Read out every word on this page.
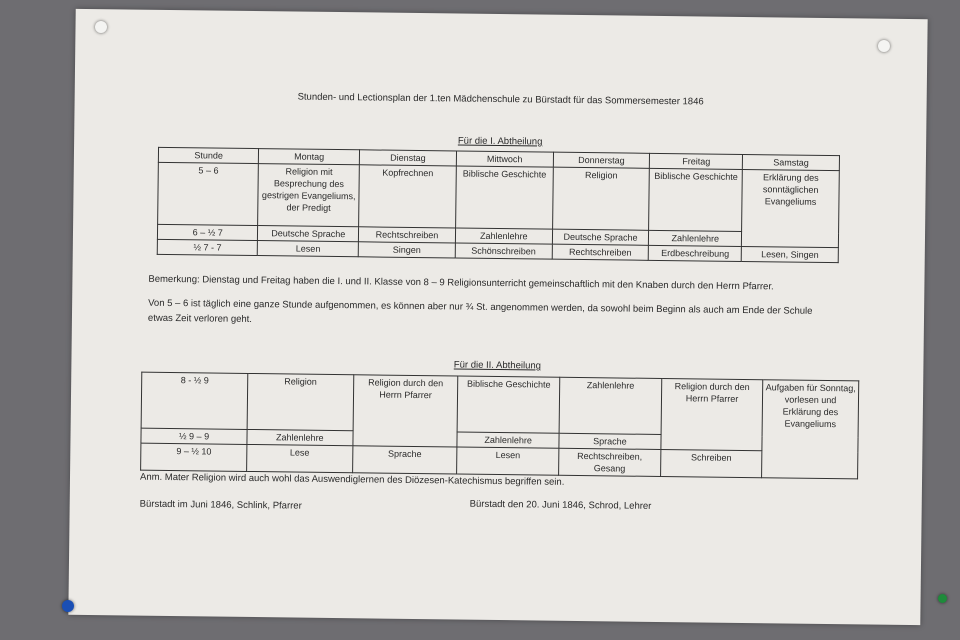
Stunden- und Lectionsplan der 1.ten Mädchenschule zu Bürstadt für das Sommersemester 1846
Für die I. Abtheilung
Stunde	Montag	Dienstag	Mittwoch	Donnerstag	Freitag	Samstag
5 – 6	Religion mit Besprechung des gestrigen Evangeliums, der Predigt	Kopfrechnen	Biblische Geschichte	Religion	Biblische Geschichte	Erklärung des sonntäglichen Evangeliums
6 – ½ 7	Deutsche Sprache	Rechtschreiben	Zahlenlehre	Deutsche Sprache	Zahlenlehre	
½ 7 - 7	Lesen	Singen	Schönschreiben	Rechtschreiben	Erdbeschreibung	Lesen, Singen
Bemerkung: Dienstag und Freitag haben die I. und II. Klasse von 8 – 9 Religionsunterricht gemeinschaftlich mit den Knaben durch den Herrn Pfarrer.
Von 5 – 6 ist täglich eine ganze Stunde aufgenommen, es können aber nur ¾ St. angenommen werden, da sowohl beim Beginn als auch am Ende der Schule etwas Zeit verloren geht.
Für die II. Abtheilung
8 - ½ 9	Religion	Religion durch den Herrn Pfarrer	Biblische Geschichte	Zahlenlehre	Religion durch den Herrn Pfarrer	Aufgaben für Sonntag, vorlesen und Erklärung des Evangeliums
½ 9 – 9	Zahlenlehre		Zahlenlehre	Sprache		
9 – ½ 10	Lese	Sprache	Lesen	Rechtschreiben, Gesang	Schreiben	
Anm. Mater Religion wird auch wohl das Auswendiglernen des Diözesen-Katechismus begriffen sein.
Bürstadt im Juni 1846, Schlink, Pfarrer	Bürstadt den 20. Juni 1846, Schrod, Lehrer
